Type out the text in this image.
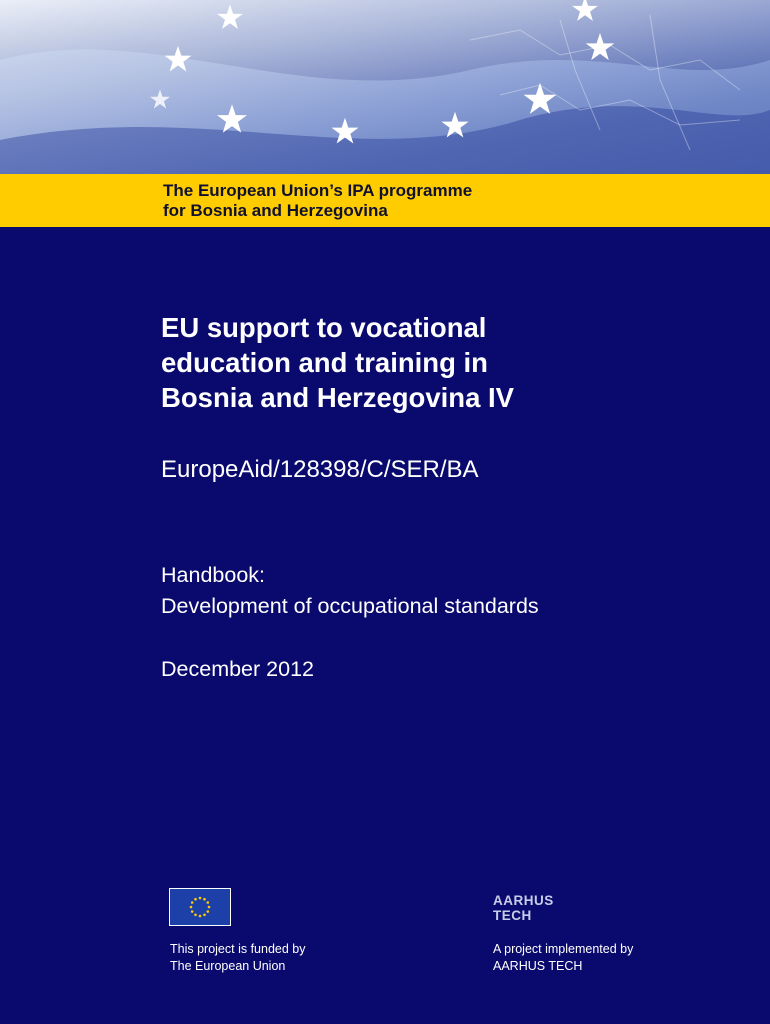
The European Union’s IPA programme
for Bosnia and Herzegovina
EU support to vocational
education and training in
Bosnia and Herzegovina IV
EuropeAid/128398/C/SER/BA
Handbook:
Development of occupational standards
December 2012
This project is funded by
The European Union
AARHUS
TECH
A project implemented by
AARHUS TECH
